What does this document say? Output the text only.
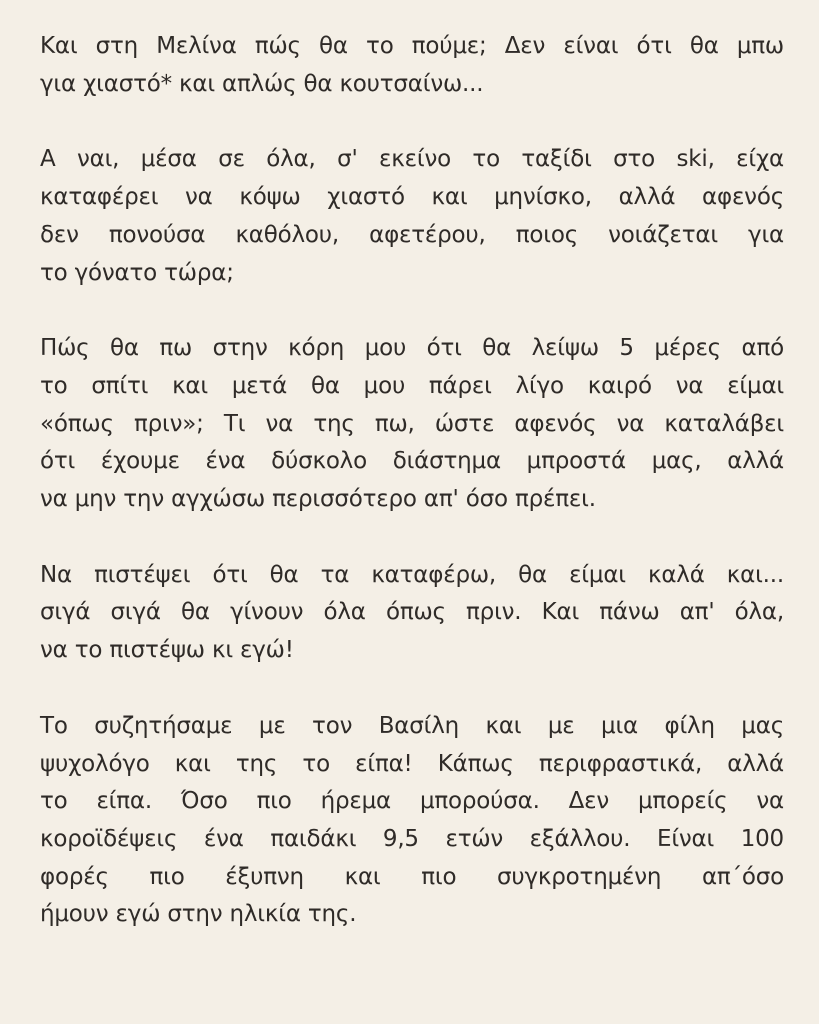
Και στη Μελίνα πώς θα το πούμε; Δεν είναι ότι θα μπω
για χιαστό* και απλώς θα κουτσαίνω...

Α ναι, μέσα σε όλα, σ' εκείνο το ταξίδι στο ski, είχα
καταφέρει να κόψω χιαστό και μηνίσκο, αλλά αφενός
δεν πονούσα καθόλου, αφετέρου, ποιος νοιάζεται για
το γόνατο τώρα;

Πώς θα πω στην κόρη μου ότι θα λείψω 5 μέρες από
το σπίτι και μετά θα μου πάρει λίγο καιρό να είμαι
«όπως πριν»; Τι να της πω, ώστε αφενός να καταλάβει
ότι έχουμε ένα δύσκολο διάστημα μπροστά μας, αλλά
να μην την αγχώσω περισσότερο απ' όσο πρέπει.

Να πιστέψει ότι θα τα καταφέρω, θα είμαι καλά και...
σιγά σιγά θα γίνουν όλα όπως πριν. Και πάνω απ' όλα,
να το πιστέψω κι εγώ!

Το συζητήσαμε με τον Βασίλη και με μια φίλη μας
ψυχολόγο και της το είπα! Κάπως περιφραστικά, αλλά
το είπα. Όσο πιο ήρεμα μπορούσα. Δεν μπορείς να
κοροϊδέψεις ένα παιδάκι 9,5 ετών εξάλλου. Είναι 100
φορές πιο έξυπνη και πιο συγκροτημένη απ΄όσο
ήμουν εγώ στην ηλικία της.
